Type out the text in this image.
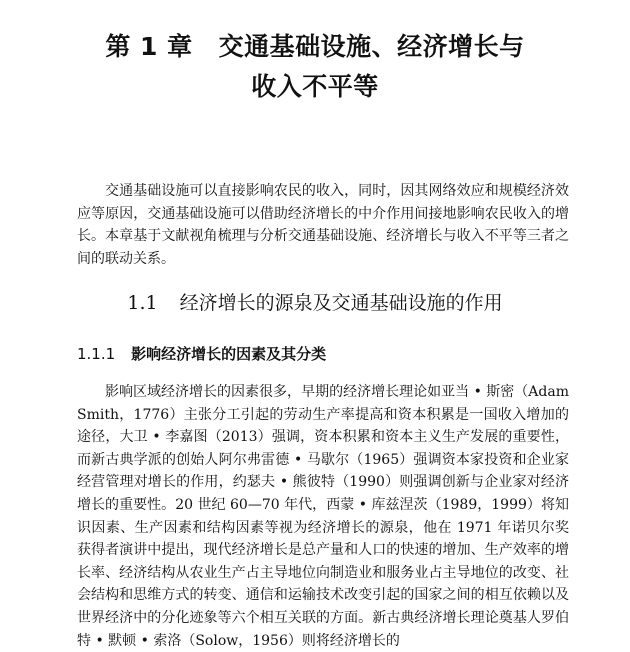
第 1 章 交通基础设施、经济增长与
收入不平等

交通基础设施可以直接影响农民的收入，同时，因其网络效应和规模经济效应等原因，交通基础设施可以借助经济增长的中介作用间接地影响农民收入的增长。本章基于文献视角梳理与分析交通基础设施、经济增长与收入不平等三者之间的联动关系。

1.1 经济增长的源泉及交通基础设施的作用
1.1.1 影响经济增长的因素及其分类

影响区域经济增长的因素很多，早期的经济增长理论如亚当 • 斯密（Adam Smith，1776）主张分工引起的劳动生产率提高和资本积累是一国收入增加的途径，大卫 • 李嘉图（2013）强调，资本积累和资本主义生产发展的重要性，而新古典学派的创始人阿尔弗雷德 • 马歇尔（1965）强调资本家投资和企业家经营管理对增长的作用，约瑟夫 • 熊彼特（1990）则强调创新与企业家对经济增长的重要性。20 世纪 60—70 年代，西蒙 • 库兹涅茨（1989，1999）将知识因素、生产因素和结构因素等视为经济增长的源泉，他在 1971 年诺贝尔奖获得者演讲中提出，现代经济增长是总产量和人口的快速的增加、生产效率的增长率、经济结构从农业生产占主导地位向制造业和服务业占主导地位的改变、社会结构和思维方式的转变、通信和运输技术改变引起的国家之间的相互依赖以及世界经济中的分化迹象等六个相互关联的方面。新古典经济增长理论奠基人罗伯特 • 默顿 • 索洛（Solow，1956）则将经济增长的
